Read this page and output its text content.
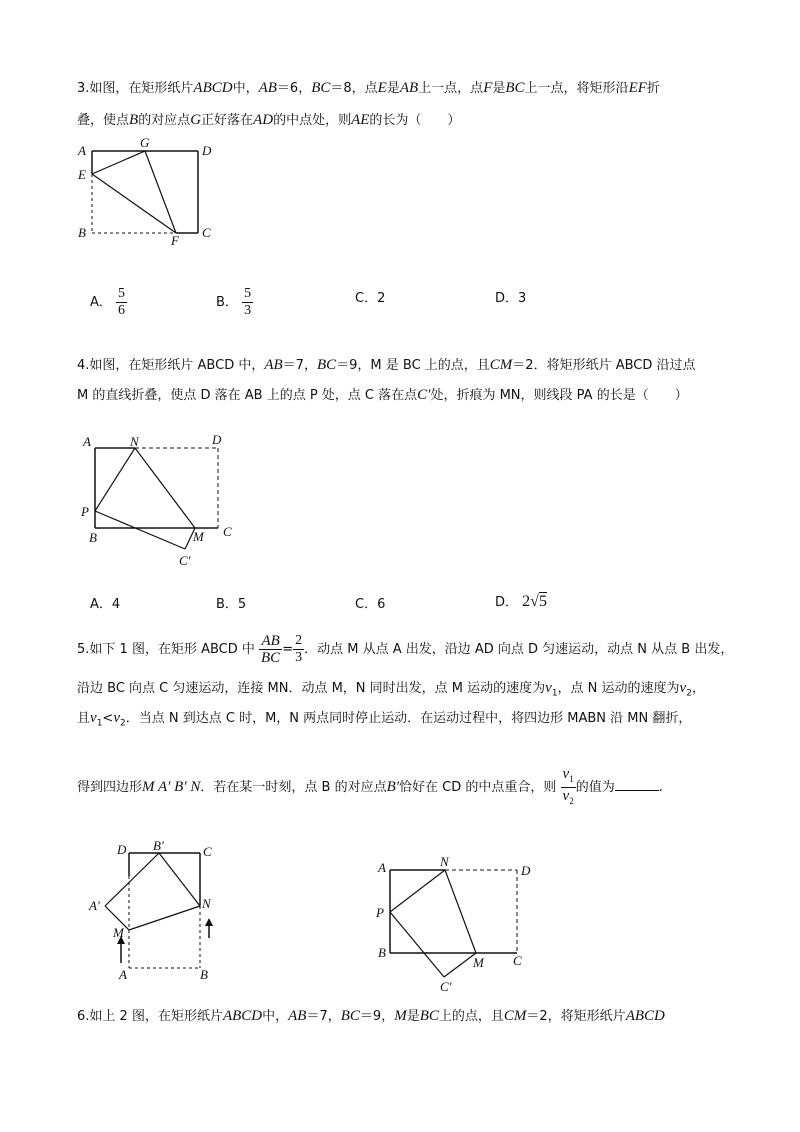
3.如图，在矩形纸片ABCD中，AB＝6，BC＝8，点E是AB上一点，点F是BC上一点，将矩形沿EF折
叠，使点B的对应点G正好落在AD的中点处，则AE的长为（　　）
A
G
D
E
B
F
C
A． $\frac{5}{6}$	B． $\frac{5}{3}$	C．2	D．3
4.如图，在矩形纸片 ABCD 中，AB＝7，BC＝9，M 是 BC 上的点，且CM＝2．将矩形纸片 ABCD 沿过点
M 的直线折叠，使点 D 落在 AB 上的点 P 处，点 C 落在点C′处，折痕为 MN，则线段 PA 的长是（　　）
A	N	D
P
B	M C
C′
A．4	B．5	C．6	D． 2√5
5.如下 1 图，在矩形 ABCD 中 $\frac{AB}{BC} = \frac{2}{3}$ ．动点 M 从点 A 出发，沿边 AD 向点 D 匀速运动，动点 N 从点 B 出发，
沿边 BC 向点 C 匀速运动，连接 MN．动点 M，N 同时出发，点 M 运动的速度为$v_1$，点 N 运动的速度为$v_2$，
且$v_1<v_2$．当点 N 到达点 C 时，M，N 两点同时停止运动．在运动过程中，将四边形 MABN 沿 MN 翻折，
得到四边形M A′ B′ N．若在某一时刻，点 B 的对应点B′恰好在 CD 的中点重合，则 $\frac{v_1}{v_2}$ 的值为	.
D B′	C
A′	N
M
A	B
A	N
D
P
B
M C
C′
6.如上 2 图，在矩形纸片ABCD中，AB＝7，BC＝9，M是BC上的点，且CM＝2，将矩形纸片ABCD
